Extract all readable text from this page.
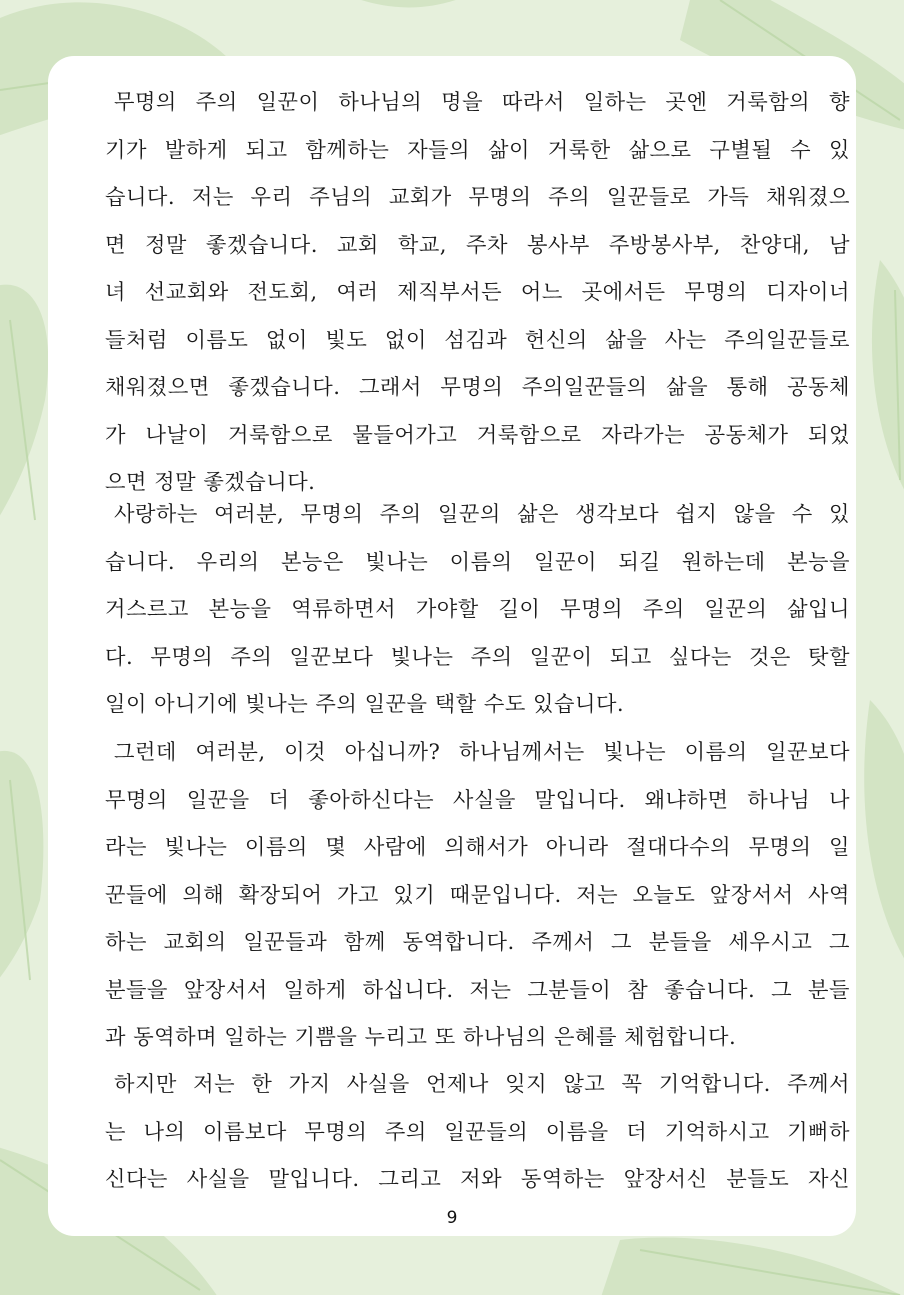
무명의 주의 일꾼이 하나님의 명을 따라서 일하는 곳엔 거룩함의 향
기가 발하게 되고 함께하는 자들의 삶이 거룩한 삶으로 구별될 수 있
습니다. 저는 우리 주님의 교회가 무명의 주의 일꾼들로 가득 채워졌으
면 정말 좋겠습니다. 교회 학교, 주차 봉사부 주방봉사부, 찬양대, 남
녀 선교회와 전도회, 여러 제직부서든 어느 곳에서든 무명의 디자이너
들처럼 이름도 없이 빛도 없이 섬김과 헌신의 삶을 사는 주의일꾼들로
채워졌으면 좋겠습니다. 그래서 무명의 주의일꾼들의 삶을 통해 공동체
가 나날이 거룩함으로 물들어가고 거룩함으로 자라가는 공동체가 되었
으면 정말 좋겠습니다.
사랑하는 여러분, 무명의 주의 일꾼의 삶은 생각보다 쉽지 않을 수 있
습니다. 우리의 본능은 빛나는 이름의 일꾼이 되길 원하는데 본능을
거스르고 본능을 역류하면서 가야할 길이 무명의 주의 일꾼의 삶입니
다. 무명의 주의 일꾼보다 빛나는 주의 일꾼이 되고 싶다는 것은 탓할
일이 아니기에 빛나는 주의 일꾼을 택할 수도 있습니다.
그런데 여러분, 이것 아십니까? 하나님께서는 빛나는 이름의 일꾼보다
무명의 일꾼을 더 좋아하신다는 사실을 말입니다. 왜냐하면 하나님 나
라는 빛나는 이름의 몇 사람에 의해서가 아니라 절대다수의 무명의 일
꾼들에 의해 확장되어 가고 있기 때문입니다. 저는 오늘도 앞장서서 사역
하는 교회의 일꾼들과 함께 동역합니다. 주께서 그 분들을 세우시고 그
분들을 앞장서서 일하게 하십니다. 저는 그분들이 참 좋습니다. 그 분들
과 동역하며 일하는 기쁨을 누리고 또 하나님의 은혜를 체험합니다.
하지만 저는 한 가지 사실을 언제나 잊지 않고 꼭 기억합니다. 주께서
는 나의 이름보다 무명의 주의 일꾼들의 이름을 더 기억하시고 기뻐하
신다는 사실을 말입니다. 그리고 저와 동역하는 앞장서신 분들도 자신
9
